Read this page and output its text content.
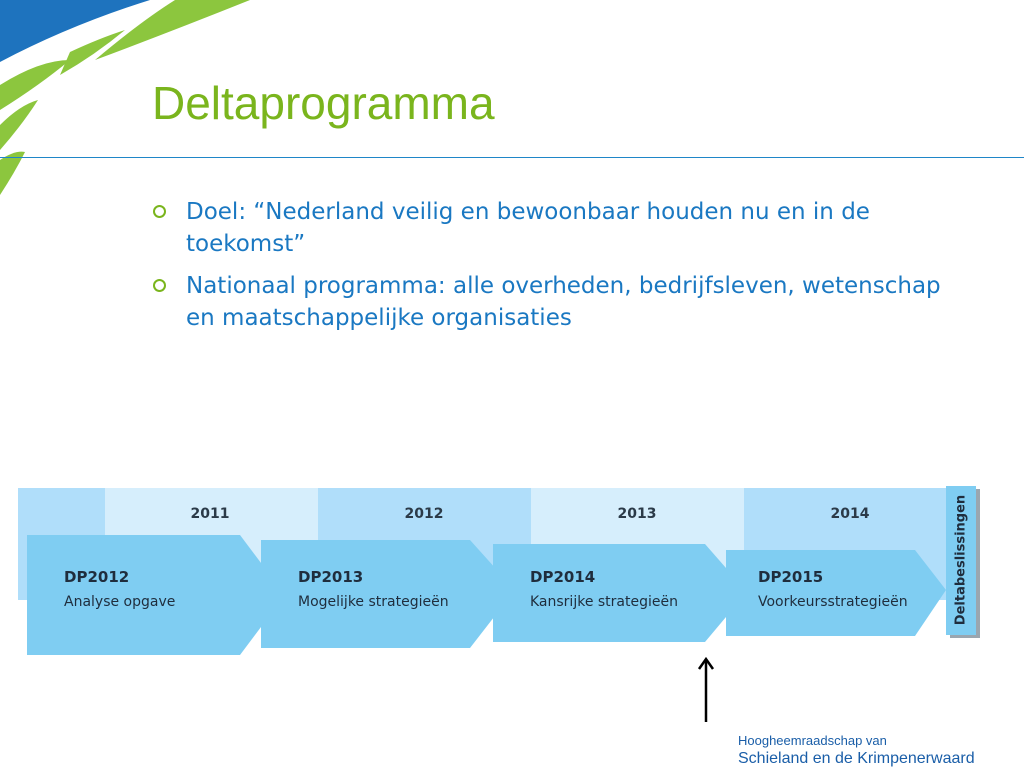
Deltaprogramma
Doel: “Nederland veilig en bewoonbaar houden nu en in de toekomst”
Nationaal programma: alle overheden, bedrijfsleven, wetenschap en maatschappelijke organisaties
2011	2012	2013	2014
DP2012
Analyse opgave
DP2013
Mogelijke strategieën
DP2014
Kansrijke strategieën
DP2015
Voorkeursstrategieën	Deltabeslissingen
Hoogheemraadschap van
Schieland en de Krimpenerwaard
